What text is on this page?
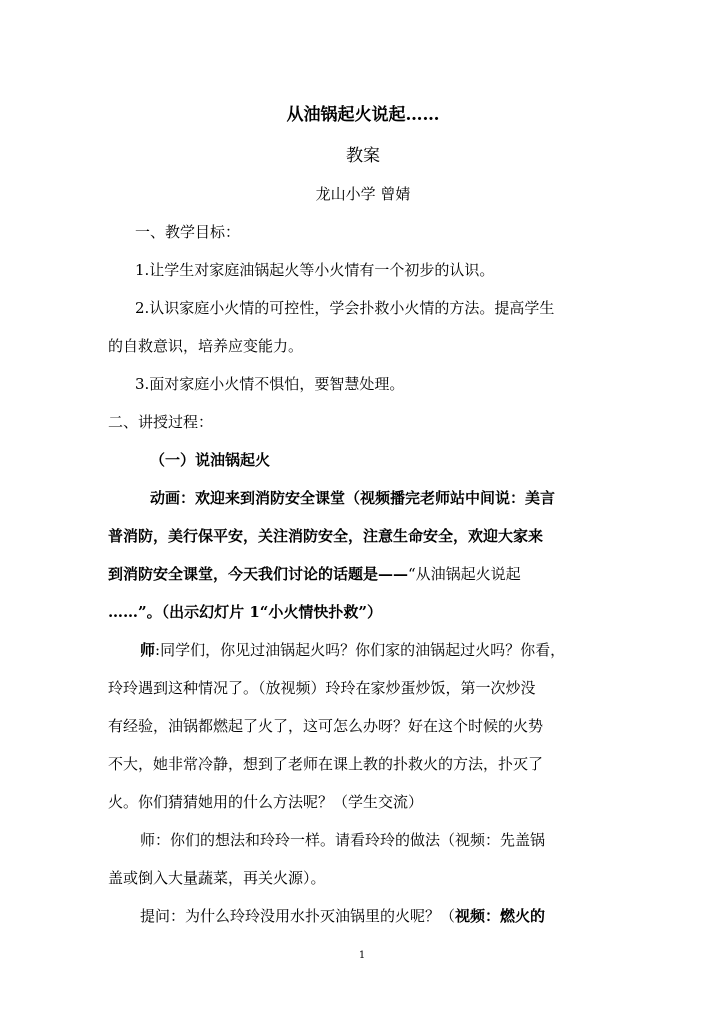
从油锅起火说起……
教案
龙山小学 曾婧
一、教学目标：
1.让学生对家庭油锅起火等小火情有一个初步的认识。
2.认识家庭小火情的可控性，学会扑救小火情的方法。提高学生
的自救意识，培养应变能力。
3.面对家庭小火情不惧怕，要智慧处理。
二、讲授过程：
（一）说油锅起火
动画：欢迎来到消防安全课堂（视频播完老师站中间说：美言
普消防，美行保平安，关注消防安全，注意生命安全，欢迎大家来
到消防安全课堂，今天我们讨论的话题是——“从油锅起火说起
……”。（出示幻灯片 1“小火情快扑救”）
师:同学们，你见过油锅起火吗？你们家的油锅起过火吗？你看，
玲玲遇到这种情况了。（放视频）玲玲在家炒蛋炒饭，第一次炒没
有经验，油锅都燃起了火了，这可怎么办呀？好在这个时候的火势
不大，她非常冷静，想到了老师在课上教的扑救火的方法，扑灭了
火。你们猜猜她用的什么方法呢？（学生交流）
师：你们的想法和玲玲一样。请看玲玲的做法（视频：先盖锅
盖或倒入大量蔬菜，再关火源）。
提问：为什么玲玲没用水扑灭油锅里的火呢？（视频：燃火的
1
